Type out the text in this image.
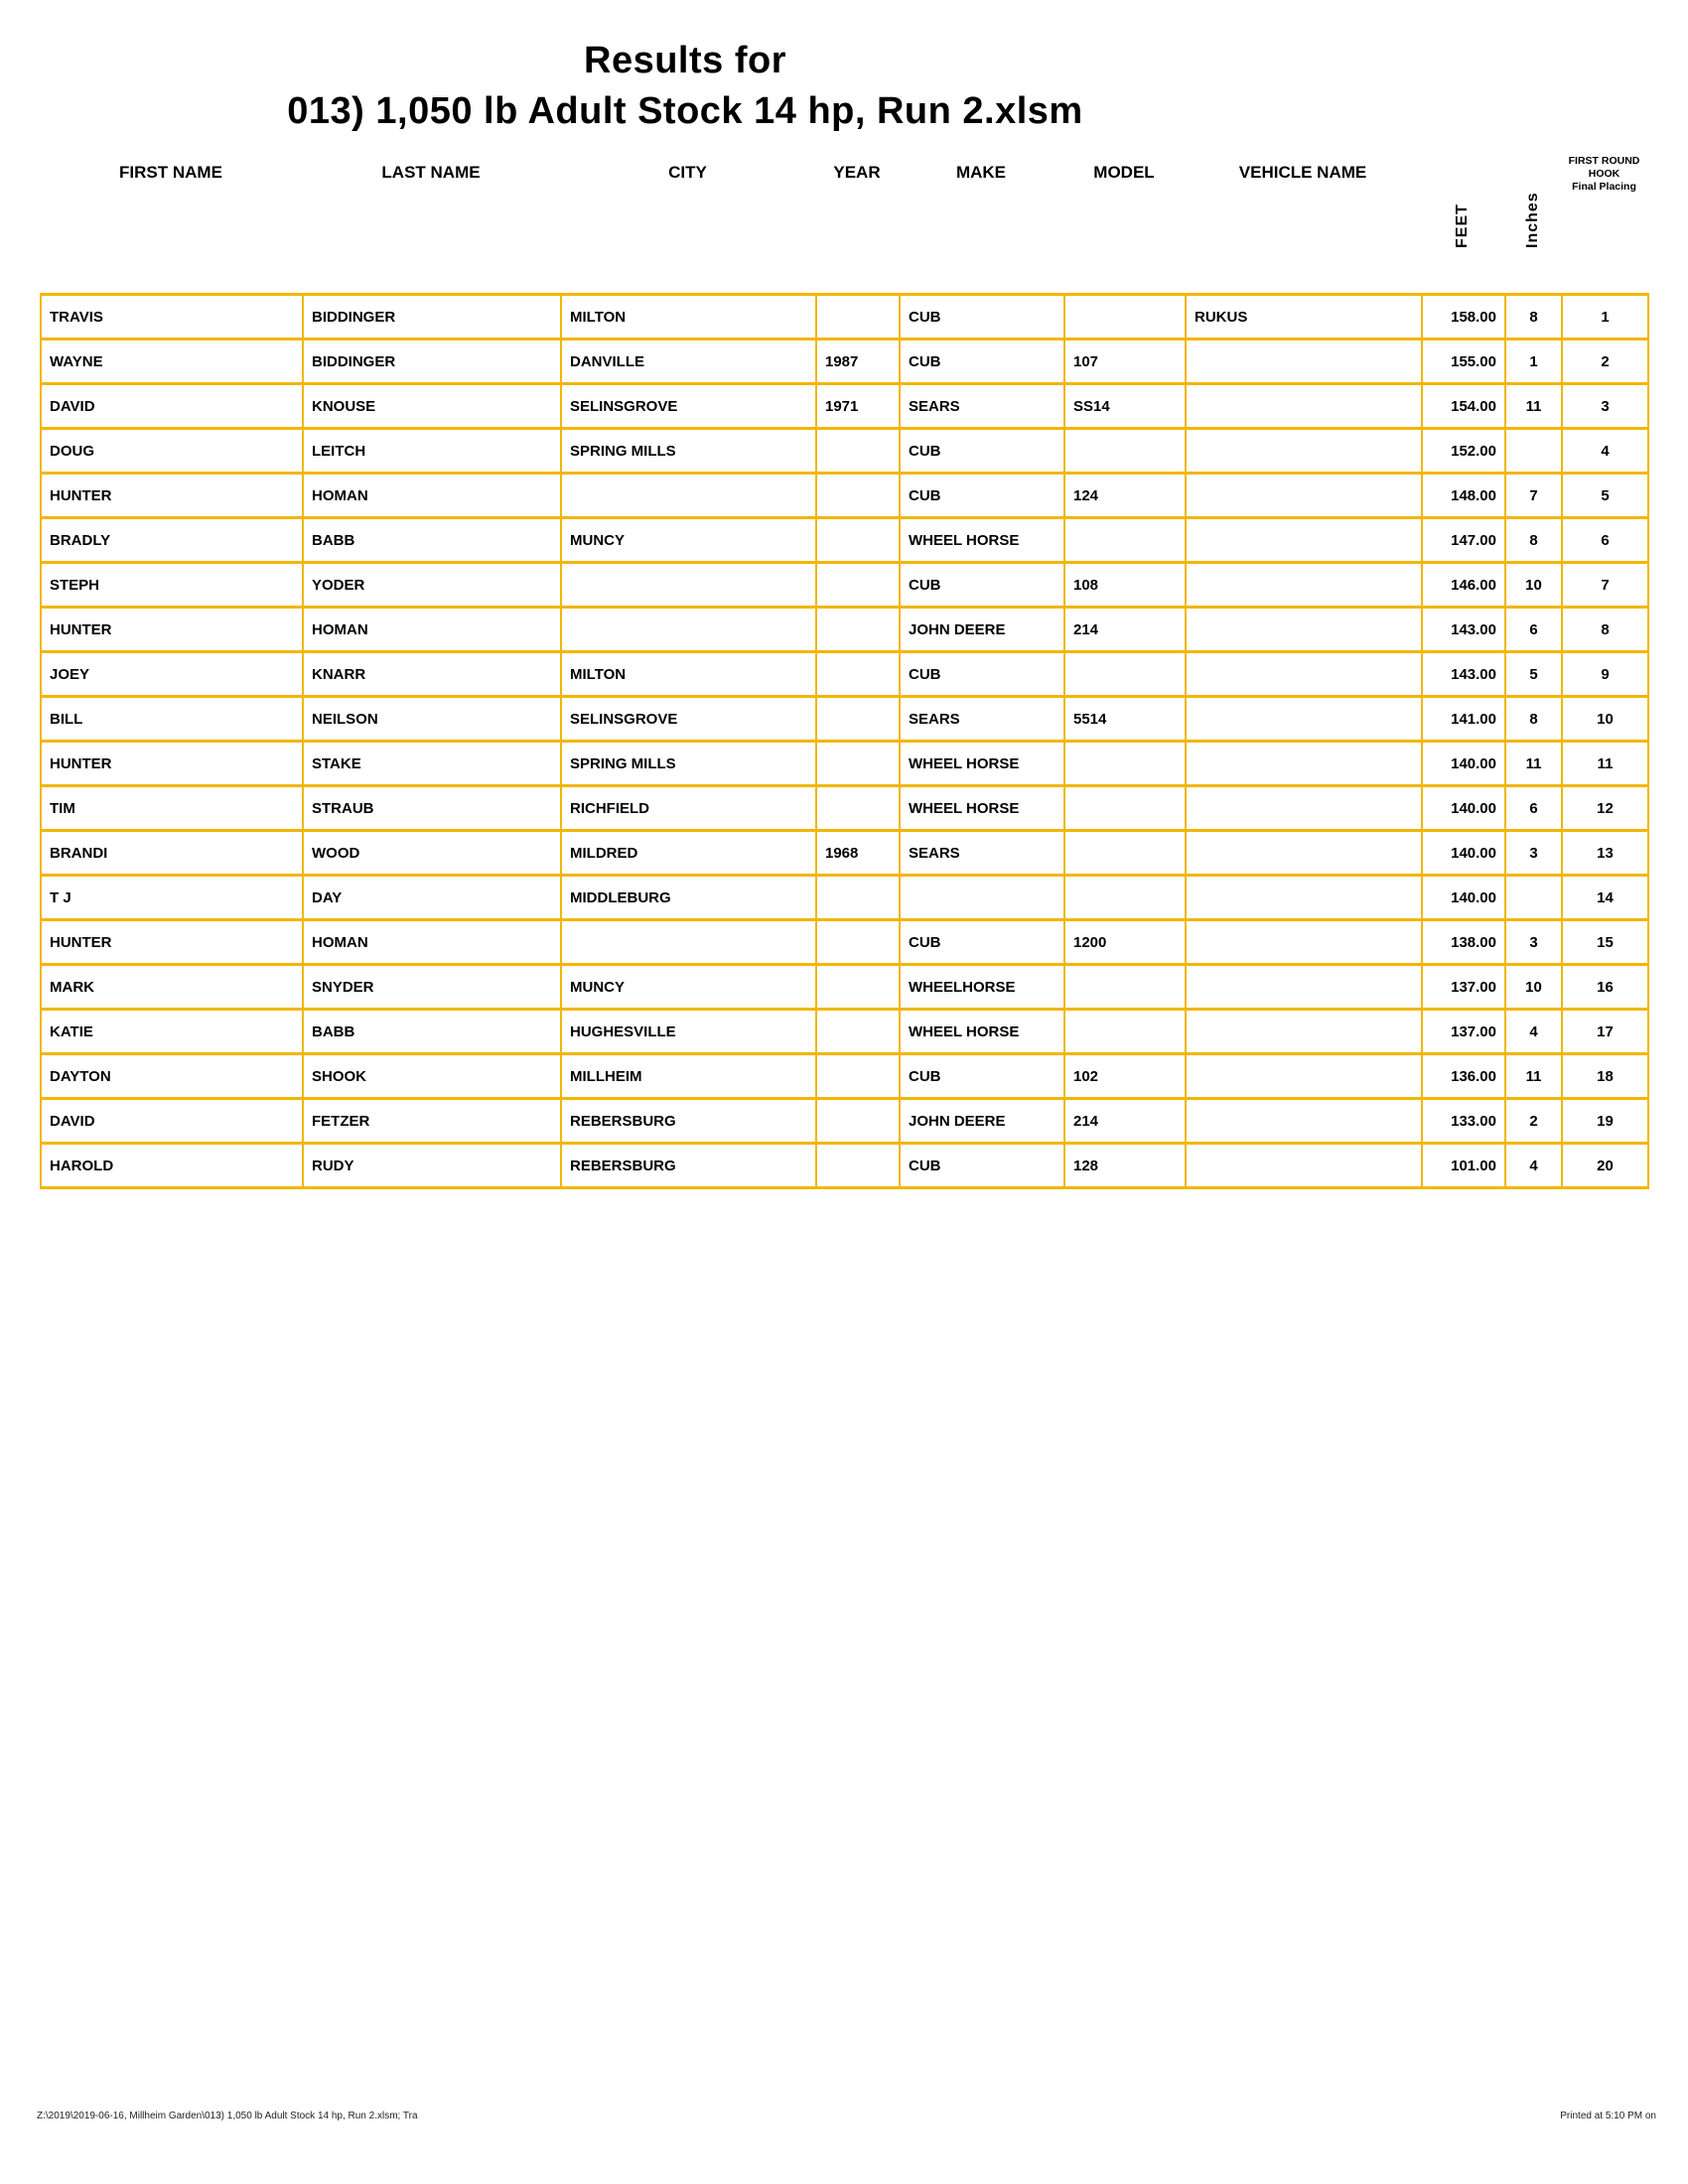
Results for
013) 1,050 lb Adult Stock 14 hp, Run 2.xlsm
FIRST NAME	LAST NAME	CITY	YEAR	MAKE	MODEL	VEHICLE NAME
FEET	Inches
FIRST ROUND
HOOK
Final Placing
TRAVIS	BIDDINGER	MILTON		CUB		RUKUS	158.00	8	1
WAYNE	BIDDINGER	DANVILLE	1987	CUB	107		155.00	1	2
DAVID	KNOUSE	SELINSGROVE	1971	SEARS	SS14		154.00	11	3
DOUG	LEITCH	SPRING MILLS		CUB			152.00		4
HUNTER	HOMAN			CUB	124		148.00	7	5
BRADLY	BABB	MUNCY		WHEEL HORSE			147.00	8	6
STEPH	YODER			CUB	108		146.00	10	7
HUNTER	HOMAN			JOHN DEERE	214		143.00	6	8
JOEY	KNARR	MILTON		CUB			143.00	5	9
BILL	NEILSON	SELINSGROVE		SEARS	5514		141.00	8	10
HUNTER	STAKE	SPRING MILLS		WHEEL HORSE			140.00	11	11
TIM	STRAUB	RICHFIELD		WHEEL HORSE			140.00	6	12
BRANDI	WOOD	MILDRED	1968	SEARS			140.00	3	13
T J	DAY	MIDDLEBURG					140.00		14
HUNTER	HOMAN			CUB	1200		138.00	3	15
MARK	SNYDER	MUNCY		WHEELHORSE			137.00	10	16
KATIE	BABB	HUGHESVILLE		WHEEL HORSE			137.00	4	17
DAYTON	SHOOK	MILLHEIM		CUB	102		136.00	11	18
DAVID	FETZER	REBERSBURG		JOHN DEERE	214		133.00	2	19
HAROLD	RUDY	REBERSBURG		CUB	128		101.00	4	20
Z:\2019\2019-06-16, Millheim Garden\013) 1,050 lb Adult Stock 14 hp, Run 2.xlsm; Tra	Printed at 5:10 PM on
